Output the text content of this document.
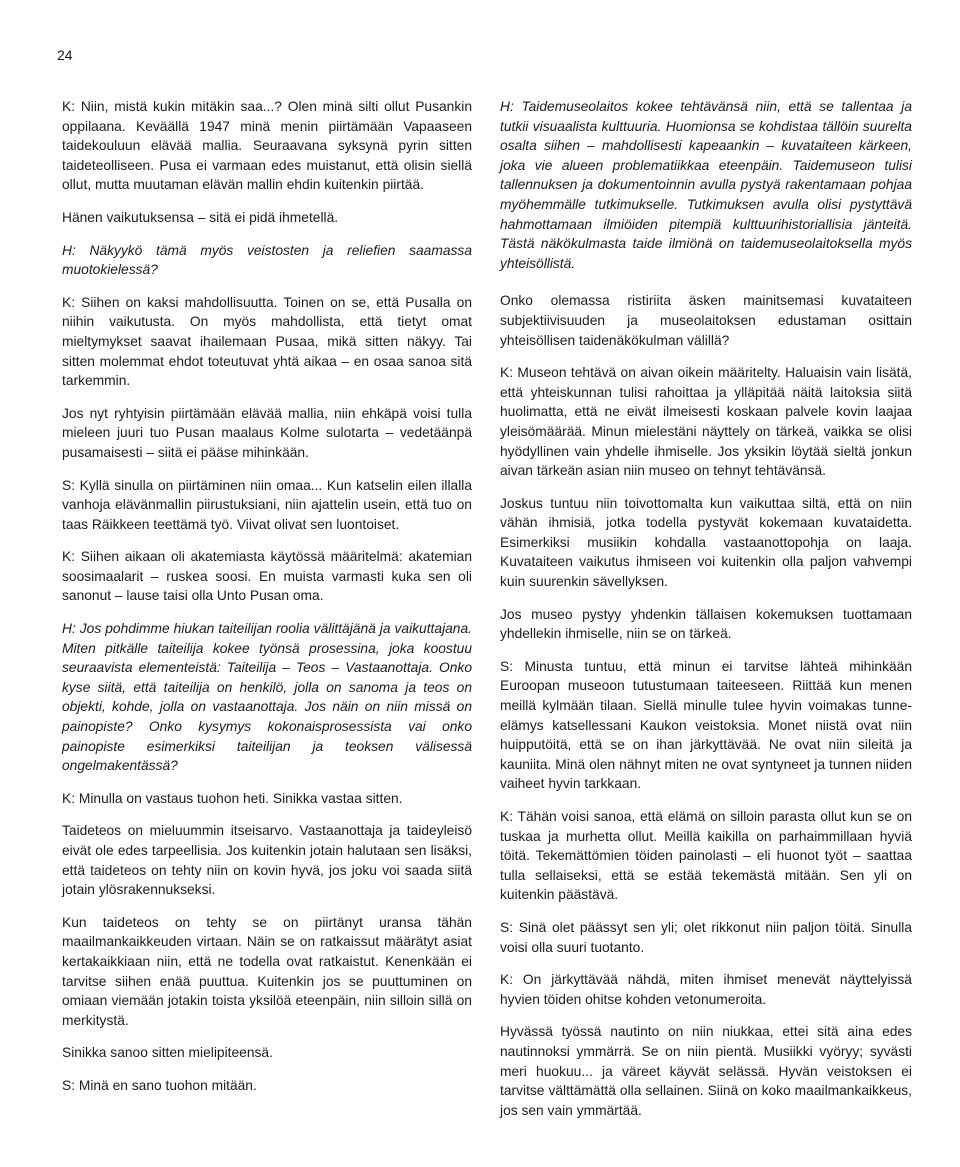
24

K: Niin, mistä kukin mitäkin saa...? Olen minä silti ollut Pusankin oppilaana. Keväällä 1947 minä menin piirtämään Vapaaseen taidekouluun elävää mallia. Seuraavana syksynä pyrin sitten taideteolliseen. Pusa ei varmaan edes muistanut, että olisin siellä ollut, mutta muutaman elävän mallin ehdin kuitenkin piirtää.

Hänen vaikutuksensa – sitä ei pidä ihmetellä.

H: Näkyykö tämä myös veistosten ja reliefien saamassa muotokielessä?

K: Siihen on kaksi mahdollisuutta. Toinen on se, että Pusalla on niihin vaikutusta. On myös mahdollista, että tietyt omat mieltymykset saavat ihailemaan Pusaa, mikä sitten näkyy. Tai sitten molemmat ehdot toteutuvat yhtä aikaa – en osaa sanoa sitä tarkemmin.

Jos nyt ryhtyisin piirtämään elävää mallia, niin ehkäpä voisi tulla mieleen juuri tuo Pusan maalaus Kolme sulotarta – vedetäänpä pusamaisesti – siitä ei pääse mihinkään.

S: Kyllä sinulla on piirtäminen niin omaa... Kun katselin eilen illalla vanhoja elävänmallin piirustuksiani, niin ajattelin usein, että tuo on taas Räikkeen teettämä työ. Viivat olivat sen luontoiset.

K: Siihen aikaan oli akatemiasta käytössä määritelmä: akatemian soosimaalarit – ruskea soosi. En muista varmasti kuka sen oli sanonut – lause taisi olla Unto Pusan oma.

H: Jos pohdimme hiukan taiteilijan roolia välittäjänä ja vaikuttajana. Miten pitkälle taiteilija kokee työnsä prosessina, joka koostuu seuraavista elementeistä: Taiteilija – Teos – Vastaanottaja. Onko kyse siitä, että taiteilija on henkilö, jolla on sanoma ja teos on objekti, kohde, jolla on vastaanottaja. Jos näin on niin missä on painopiste? Onko kysymys kokonaisprosessista vai onko painopiste esimerkiksi taiteilijan ja teoksen välisessä ongelmakentässä?

K: Minulla on vastaus tuohon heti. Sinikka vastaa sitten.

Taideteos on mieluummin itseisarvo. Vastaanottaja ja taideyleisö eivät ole edes tarpeellisia. Jos kuitenkin jotain halutaan sen lisäksi, että taideteos on tehty niin on kovin hyvä, jos joku voi saada siitä jotain ylösrakennukseksi.

Kun taideteos on tehty se on piirtänyt uransa tähän maailmankaikkeuden virtaan. Näin se on ratkaissut määrätyt asiat kertakaikkiaan niin, että ne todella ovat ratkaistut. Kenenkään ei tarvitse siihen enää puuttua. Kuitenkin jos se puuttuminen on omiaan viemään jotakin toista yksilöä eteenpäin, niin silloin sillä on merkitystä.

Sinikka sanoo sitten mielipiteensä.

S: Minä en sano tuohon mitään.

H: Taidemuseolaitos kokee tehtävänsä niin, että se tallentaa ja tutkii visuaalista kulttuuria. Huomionsa se kohdistaa tällöin suurelta osalta siihen – mahdollisesti kapeaankin – kuvataiteen kärkeen, joka vie alueen problematiikkaa eteenpäin. Taidemuseon tulisi tallennuksen ja dokumentoinnin avulla pystyä rakentamaan pohjaa myöhemmälle tutkimukselle. Tutkimuksen avulla olisi pystyttävä hahmottamaan ilmiöiden pitempiä kulttuurihistoriallisia jänteitä. Tästä näkökulmasta taide ilmiönä on taidemuseolaitoksella myös yhteisöllistä.

Onko olemassa ristiriita äsken mainitsemasi kuvataiteen subjektiivisuuden ja museolaitoksen edustaman osittain yhteisöllisen taidenäkökulman välillä?

K: Museon tehtävä on aivan oikein määritelty. Haluaisin vain lisätä, että yhteiskunnan tulisi rahoittaa ja ylläpitää näitä laitoksia siitä huolimatta, että ne eivät ilmeisesti koskaan palvele kovin laajaa yleisömäärää. Minun mielestäni näyttely on tärkeä, vaikka se olisi hyödyllinen vain yhdelle ihmiselle. Jos yksikin löytää sieltä jonkun aivan tärkeän asian niin museo on tehnyt tehtävänsä.

Joskus tuntuu niin toivottomalta kun vaikuttaa siltä, että on niin vähän ihmisiä, jotka todella pystyvät kokemaan kuvataidetta. Esimerkiksi musiikin kohdalla vastaanottopohja on laaja. Kuvataiteen vaikutus ihmiseen voi kuitenkin olla paljon vahvempi kuin suurenkin sävellyksen.

Jos museo pystyy yhdenkin tällaisen kokemuksen tuottamaan yhdellekin ihmiselle, niin se on tärkeä.

S: Minusta tuntuu, että minun ei tarvitse lähteä mihinkään Euroopan museoon tutustumaan taiteeseen. Riittää kun menen meillä kylmään tilaan. Siellä minulle tulee hyvin voimakas tunne-elämys katsellessani Kaukon veistoksia. Monet niistä ovat niin huipputöitä, että se on ihan järkyttävää. Ne ovat niin sileitä ja kauniita. Minä olen nähnyt miten ne ovat syntyneet ja tunnen niiden vaiheet hyvin tarkkaan.

K: Tähän voisi sanoa, että elämä on silloin parasta ollut kun se on tuskaa ja murhetta ollut. Meillä kaikilla on parhaimmillaan hyviä töitä. Tekemättömien töiden painolasti – eli huonot työt – saattaa tulla sellaiseksi, että se estää tekemästä mitään. Sen yli on kuitenkin päästävä.

S: Sinä olet päässyt sen yli; olet rikkonut niin paljon töitä. Sinulla voisi olla suuri tuotanto.

K: On järkyttävää nähdä, miten ihmiset menevät näyttelyissä hyvien töiden ohitse kohden vetonumeroita.

Hyvässä työssä nautinto on niin niukkaa, ettei sitä aina edes nautinnoksi ymmärrä. Se on niin pientä. Musiikki vyöryy; syvästi meri huokuu... ja väreet käyvät selässä. Hyvän veistoksen ei tarvitse välttämättä olla sellainen. Siinä on koko maailmankaikkeus, jos sen vain ymmärtää.
